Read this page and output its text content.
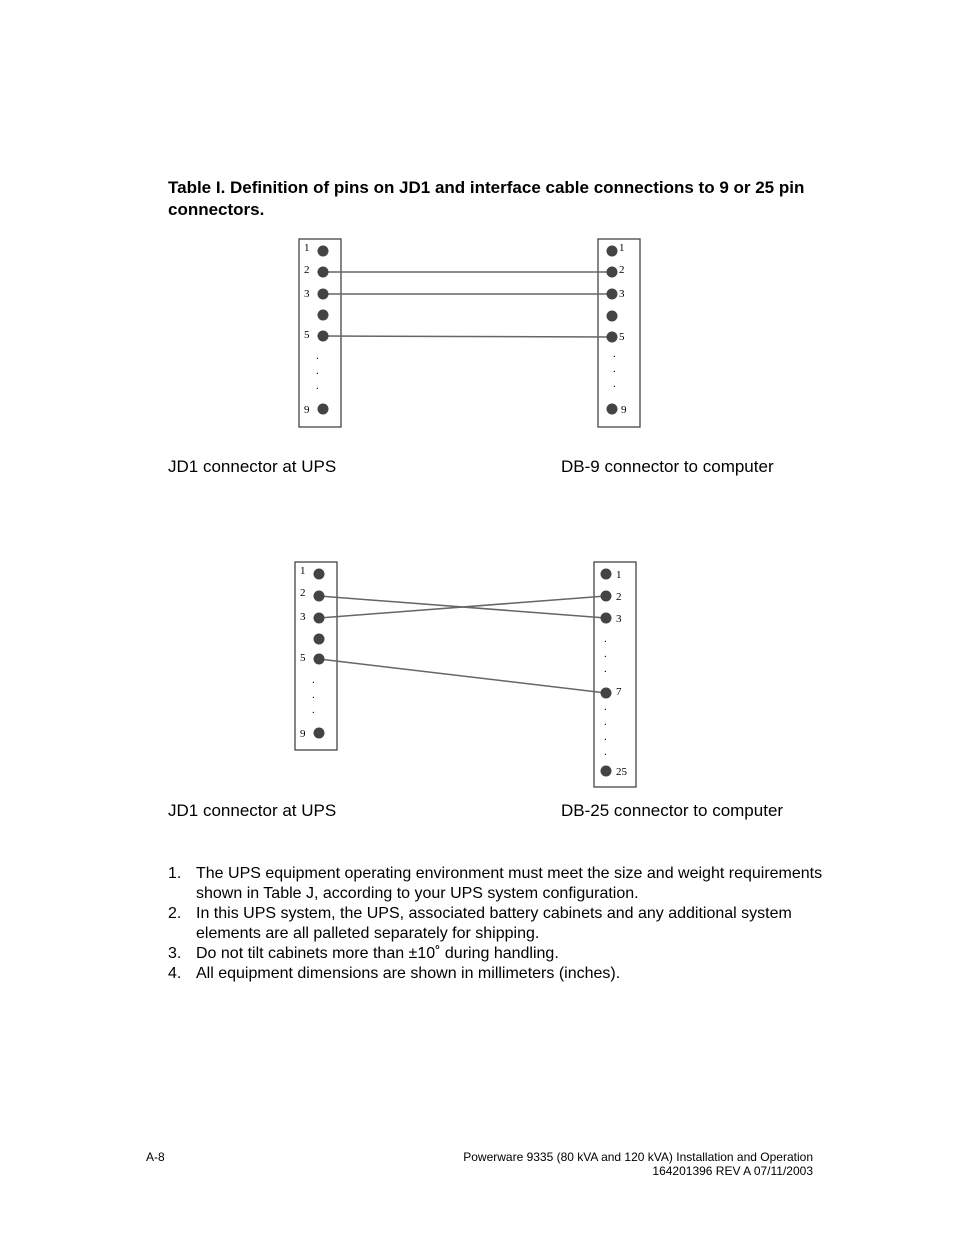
Table I. Definition of pins on JD1 and interface cable connections to 9 or 25 pin connectors.
1
2
3
5
9
.
.
.
1
2
3
5
9
.
.
.
1
2
3
5
9
.
.
.
1
2
3
7
25
.
.
.
.
.
.
.
JD1 connector at UPS	DB-9 connector to computer
JD1 connector at UPS	DB-25 connector to computer
1. The UPS equipment operating environment must meet the size and weight requirements shown in Table J, according to your UPS system configuration.
2. In this UPS system, the UPS, associated battery cabinets and any additional system elements are all palleted separately for shipping.
3. Do not tilt cabinets more than ±10˚ during handling.
4. All equipment dimensions are shown in millimeters (inches).
A-8	Powerware 9335 (80 kVA and 120 kVA) Installation and Operation
164201396 REV A 07/11/2003
